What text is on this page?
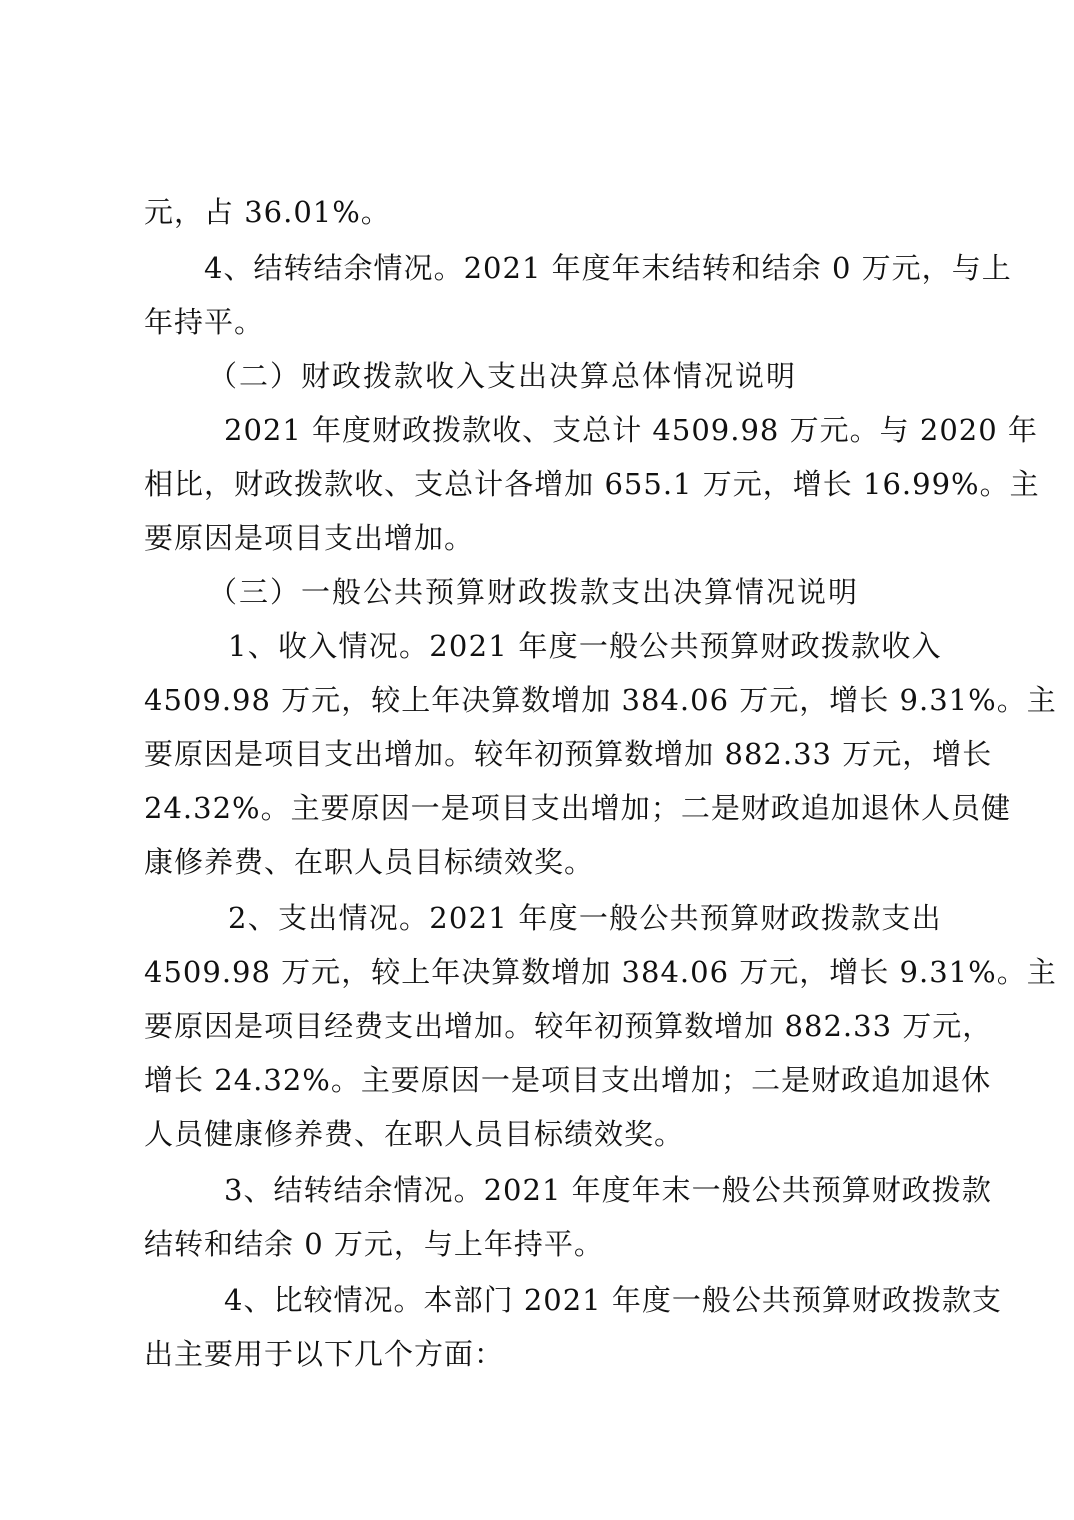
元，占 36.01%。
4 、 结 转 结 余 情 况 。 2 0 2 1
年 度 年 末 结 转 和 结 余
0
万 元 ， 与 上
年持平。
（二）财政拨款收入支出决算总体情况说明
2 0 2 1
年 度 财 政 拨 款 收 、 支 总 计
4 5 0 9 . 9 8
万 元 。 与
2 0 2 0
年
相 比 ， 财 政 拨 款 收 、 支 总 计 各 增 加
6 5 5 . 1
万 元 ， 增 长
1 6 . 9 9 % 。 主
要原因是项目支出增加。
（三）一般公共预算财政拨款支出决算情况说明
1 、 收 入 情 况 。 2 0 2 1
年 度 一 般 公 共 预 算 财 政 拨 款 收 入
4 5 0 9 . 9 8
万 元 ， 较 上 年 决 算 数 增 加
3 8 4 . 0 6
万 元 ， 增 长
9 . 3 1 % 。 主
要 原 因 是 项 目 支 出 增 加 。 较 年 初 预 算 数 增 加
8 8 2 . 3 3
万 元 ， 增 长
2 4 . 3 2 % 。 主 要 原 因 一 是 项 目 支 出 增 加 ； 二 是 财 政 追 加 退 休 人 员 健
康修养费、在职人员目标绩效奖。
2 、 支 出 情 况 。 2 0 2 1
年 度 一 般 公 共 预 算 财 政 拨 款 支 出
4 5 0 9 . 9 8
万 元 ， 较 上 年 决 算 数 增 加
3 8 4 . 0 6
万 元 ， 增 长
9 . 3 1 % 。 主
要 原 因 是 项 目 经 费 支 出 增 加 。 较 年 初 预 算 数 增 加
8 8 2 . 3 3
万 元 ，
增 长
2 4 . 3 2 % 。 主 要 原 因 一 是 项 目 支 出 增 加 ； 二 是 财 政 追 加 退 休
人员健康修养费、在职人员目标绩效奖。
3 、 结 转 结 余 情 况 。 2 0 2 1
年 度 年 末 一 般 公 共 预 算 财 政 拨 款
结转和结余 0 万元，与上年持平。
4 、 比 较 情 况 。 本 部 门
2 0 2 1
年 度 一 般 公 共 预 算 财 政 拨 款 支
出主要用于以下几个方面：
